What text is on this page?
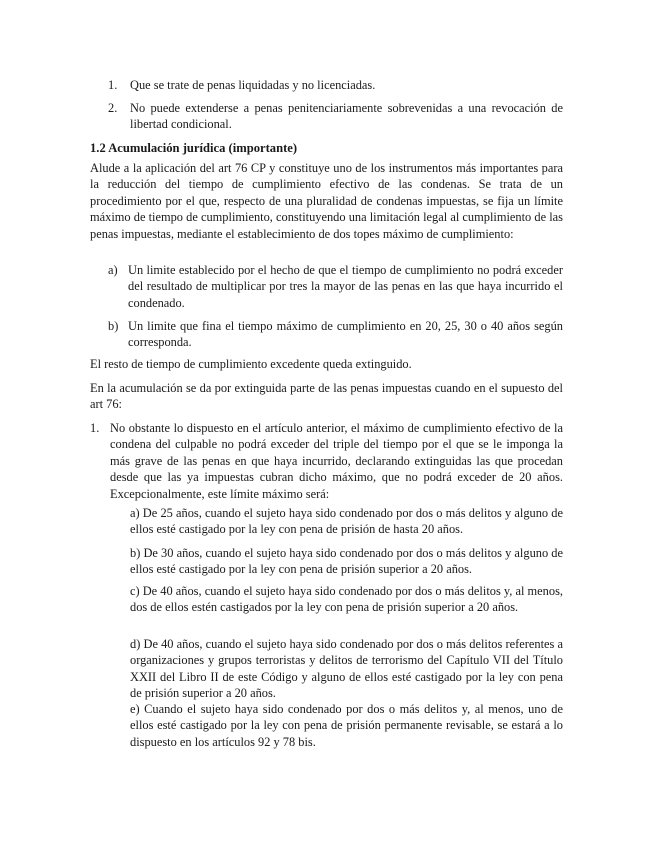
1. Que se trate de penas liquidadas y no licenciadas.
2. No puede extenderse a penas penitenciariamente sobrevenidas a una revocación de libertad condicional.
1.2 Acumulación jurídica (importante)

Alude a la aplicación del art 76 CP y constituye uno de los instrumentos más importantes para la reducción del tiempo de cumplimiento efectivo de las condenas. Se trata de un procedimiento por el que, respecto de una pluralidad de condenas impuestas, se fija un límite máximo de tiempo de cumplimiento, constituyendo una limitación legal al cumplimiento de las penas impuestas, mediante el establecimiento de dos topes máximo de cumplimiento:

a) Un limite establecido por el hecho de que el tiempo de cumplimiento no podrá exceder del resultado de multiplicar por tres la mayor de las penas en las que haya incurrido el condenado.
b) Un limite que fina el tiempo máximo de cumplimiento en 20, 25, 30 o 40 años según corresponda.

El resto de tiempo de cumplimiento excedente queda extinguido.

En la acumulación se da por extinguida parte de las penas impuestas cuando en el supuesto del art 76:

1. No obstante lo dispuesto en el artículo anterior, el máximo de cumplimiento efectivo de la condena del culpable no podrá exceder del triple del tiempo por el que se le imponga la más grave de las penas en que haya incurrido, declarando extinguidas las que procedan desde que las ya impuestas cubran dicho máximo, que no podrá exceder de 20 años. Excepcionalmente, este límite máximo será:

a) De 25 años, cuando el sujeto haya sido condenado por dos o más delitos y alguno de ellos esté castigado por la ley con pena de prisión de hasta 20 años.

b) De 30 años, cuando el sujeto haya sido condenado por dos o más delitos y alguno de ellos esté castigado por la ley con pena de prisión superior a 20 años.

c) De 40 años, cuando el sujeto haya sido condenado por dos o más delitos y, al menos, dos de ellos estén castigados por la ley con pena de prisión superior a 20 años.

d) De 40 años, cuando el sujeto haya sido condenado por dos o más delitos referentes a organizaciones y grupos terroristas y delitos de terrorismo del Capítulo VII del Título XXII del Libro II de este Código y alguno de ellos esté castigado por la ley con pena de prisión superior a 20 años.

e) Cuando el sujeto haya sido condenado por dos o más delitos y, al menos, uno de ellos esté castigado por la ley con pena de prisión permanente revisable, se estará a lo dispuesto en los artículos 92 y 78 bis.
